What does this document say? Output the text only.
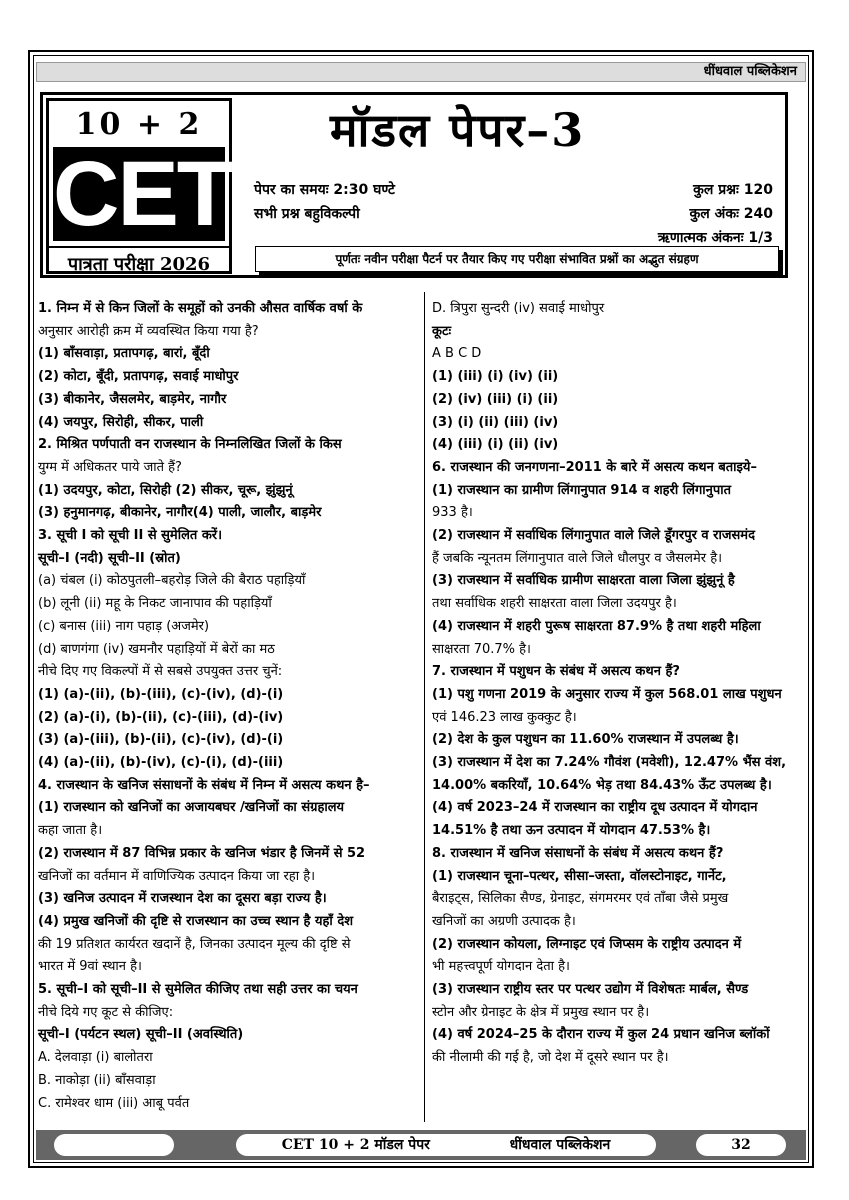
धींधवाल पब्लिकेशन
10 + 2
CET
पात्रता परीक्षा 2026
मॉडल पेपर–3
पेपर का समयः 2:30 घण्टे
सभी प्रश्न बहुविकल्पी
कुल प्रश्नः 120
कुल अंकः 240
ऋणात्मक अंकनः 1/3
पूर्णतः नवीन परीक्षा पैटर्न पर तैयार किए गए परीक्षा संभावित प्रश्नों का अद्भुत संग्रहण
1. निम्न में से किन जिलों के समूहों को उनकी औसत वार्षिक वर्षा के
अनुसार आरोही क्रम में व्यवस्थित किया गया है?
(1) बाँसवाड़ा, प्रतापगढ़, बारां, बूँदी
(2) कोटा, बूँदी, प्रतापगढ़, सवाई माधोपुर
(3) बीकानेर, जैसलमेर, बाड़मेर, नागौर
(4) जयपुर, सिरोही, सीकर, पाली
2. मिश्रित पर्णपाती वन राजस्थान के निम्नलिखित जिलों के किस
युग्म में अधिकतर पाये जाते हैं?
(1) उदयपुर, कोटा, सिरोही (2) सीकर, चूरू, झुंझुनूं
(3) हनुमानगढ़, बीकानेर, नागौर(4) पाली, जालौर, बाड़मेर
3. सूची I को सूची II से सुमेलित करें।
सूची–I (नदी) सूची–II (स्रोत)
(a) चंबल (i) कोठपुतली–बहरोड़ जिले की बैराठ पहाड़ियाँ
(b) लूनी (ii) महू के निकट जानापाव की पहाड़ियाँ
(c) बनास (iii) नाग पहाड़ (अजमेर)
(d) बाणगंगा (iv) खमनौर पहाड़ियों में बेरों का मठ
नीचे दिए गए विकल्पों में से सबसे उपयुक्त उत्तर चुनें:
(1) (a)-(ii), (b)-(iii), (c)-(iv), (d)-(i)
(2) (a)-(i), (b)-(ii), (c)-(iii), (d)-(iv)
(3) (a)-(iii), (b)-(ii), (c)-(iv), (d)-(i)
(4) (a)-(ii), (b)-(iv), (c)-(i), (d)-(iii)
4. राजस्थान के खनिज संसाधनों के संबंध में निम्न में असत्य कथन है–
(1) राजस्थान को खनिजों का अजायबघर /खनिजों का संग्रहालय
कहा जाता है।
(2) राजस्थान में 87 विभिन्न प्रकार के खनिज भंडार है जिनमें से 52
खनिजों का वर्तमान में वाणिज्यिक उत्पादन किया जा रहा है।
(3) खनिज उत्पादन में राजस्थान देश का दूसरा बड़ा राज्य है।
(4) प्रमुख खनिजों की दृष्टि से राजस्थान का उच्च स्थान है यहाँ देश
की 19 प्रतिशत कार्यरत खदानें है, जिनका उत्पादन मूल्य की दृष्टि से
भारत में 9वां स्थान है।
5. सूची–I को सूची–II से सुमेलित कीजिए तथा सही उत्तर का चयन
नीचे दिये गए कूट से कीजिए:
सूची–I (पर्यटन स्थल) सूची–II (अवस्थिति)
A. देलवाड़ा (i) बालोतरा
B. नाकोड़ा (ii) बाँसवाड़ा
C. रामेश्वर धाम (iii) आबू पर्वत
D. त्रिपुरा सुन्दरी (iv) सवाई माधोपुर
कूटः
A B C D
(1) (iii) (i) (iv) (ii)
(2) (iv) (iii) (i) (ii)
(3) (i) (ii) (iii) (iv)
(4) (iii) (i) (ii) (iv)
6. राजस्थान की जनगणना–2011 के बारे में असत्य कथन बताइये–
(1) राजस्थान का ग्रामीण लिंगानुपात 914 व शहरी लिंगानुपात
933 है।
(2) राजस्थान में सर्वाधिक लिंगानुपात वाले जिले डूँगरपुर व राजसमंद
हैं जबकि न्यूनतम लिंगानुपात वाले जिले धौलपुर व जैसलमेर है।
(3) राजस्थान में सर्वाधिक ग्रामीण साक्षरता वाला जिला झुंझुनूं है
तथा सर्वाधिक शहरी साक्षरता वाला जिला उदयपुर है।
(4) राजस्थान में शहरी पुरूष साक्षरता 87.9% है तथा शहरी महिला
साक्षरता 70.7% है।
7. राजस्थान में पशुधन के संबंध में असत्य कथन हैं?
(1) पशु गणना 2019 के अनुसार राज्य में कुल 568.01 लाख पशुधन
एवं 146.23 लाख कुक्कुट है।
(2) देश के कुल पशुधन का 11.60% राजस्थान में उपलब्ध है।
(3) राजस्थान में देश का 7.24% गौवंश (मवेशी), 12.47% भैंस वंश,
14.00% बकरियाँ, 10.64% भेड़ तथा 84.43% ऊँट उपलब्ध है।
(4) वर्ष 2023–24 में राजस्थान का राष्ट्रीय दूध उत्पादन में योगदान
14.51% है तथा ऊन उत्पादन में योगदान 47.53% है।
8. राजस्थान में खनिज संसाधनों के संबंध में असत्य कथन हैं?
(1) राजस्थान चूना–पत्थर, सीसा–जस्ता, वॉलस्टोनाइट, गार्नेट,
बैराइट्स, सिलिका सैण्ड, ग्रेनाइट, संगमरमर एवं ताँबा जैसे प्रमुख
खनिजों का अग्रणी उत्पादक है।
(2) राजस्थान कोयला, लिग्नाइट एवं जिप्सम के राष्ट्रीय उत्पादन में
भी महत्त्वपूर्ण योगदान देता है।
(3) राजस्थान राष्ट्रीय स्तर पर पत्थर उद्योग में विशेषतः मार्बल, सैण्ड
स्टोन और ग्रेनाइट के क्षेत्र में प्रमुख स्थान पर है।
(4) वर्ष 2024–25 के दौरान राज्य में कुल 24 प्रधान खनिज ब्लॉकों
की नीलामी की गई है, जो देश में दूसरे स्थान पर है।
CET 10 + 2 मॉडल पेपर	धींधवाल पब्लिकेशन	32
